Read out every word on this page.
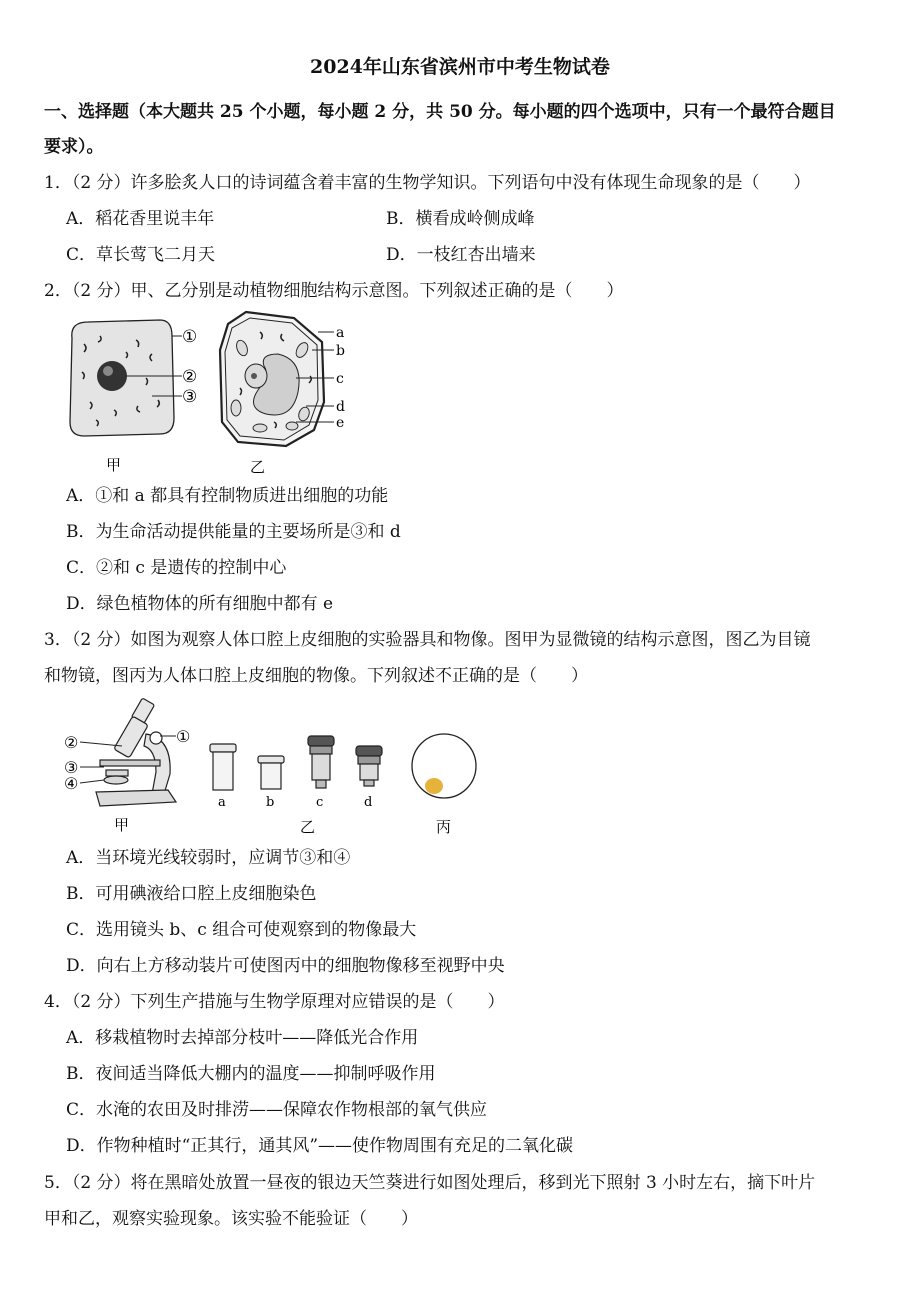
2024年山东省滨州市中考生物试卷
一、选择题（本大题共 25 个小题，每小题 2 分，共 50 分。每小题的四个选项中，只有一个最符合题目
要求）。
1．（2 分）许多脍炙人口的诗词蕴含着丰富的生物学知识。下列语句中没有体现生命现象的是（　　）
A．稻花香里说丰年	B．横看成岭侧成峰
C．草长莺飞二月天	D．一枝红杏出墙来
2．（2 分）甲、乙分别是动植物细胞结构示意图。下列叙述正确的是（　　）
①
②
③
甲
a
b
c
d
e
乙
A．①和 a 都具有控制物质进出细胞的功能
B．为生命活动提供能量的主要场所是③和 d
C．②和 c 是遗传的控制中心
D．绿色植物体的所有细胞中都有 e
3．（2 分）如图为观察人体口腔上皮细胞的实验器具和物像。图甲为显微镜的结构示意图，图乙为目镜
和物镜，图丙为人体口腔上皮细胞的物像。下列叙述不正确的是（　　）
①
②
③
④
甲
a	b	c	d
乙	丙
A．当环境光线较弱时，应调节③和④
B．可用碘液给口腔上皮细胞染色
C．选用镜头 b、c 组合可使观察到的物像最大
D．向右上方移动装片可使图丙中的细胞物像移至视野中央
4．（2 分）下列生产措施与生物学原理对应错误的是（　　）
A．移栽植物时去掉部分枝叶——降低光合作用
B．夜间适当降低大棚内的温度——抑制呼吸作用
C．水淹的农田及时排涝——保障农作物根部的氧气供应
D．作物种植时“正其行，通其风”——使作物周围有充足的二氧化碳
5．（2 分）将在黑暗处放置一昼夜的银边天竺葵进行如图处理后，移到光下照射 3 小时左右，摘下叶片
甲和乙，观察实验现象。该实验不能验证（　　）
